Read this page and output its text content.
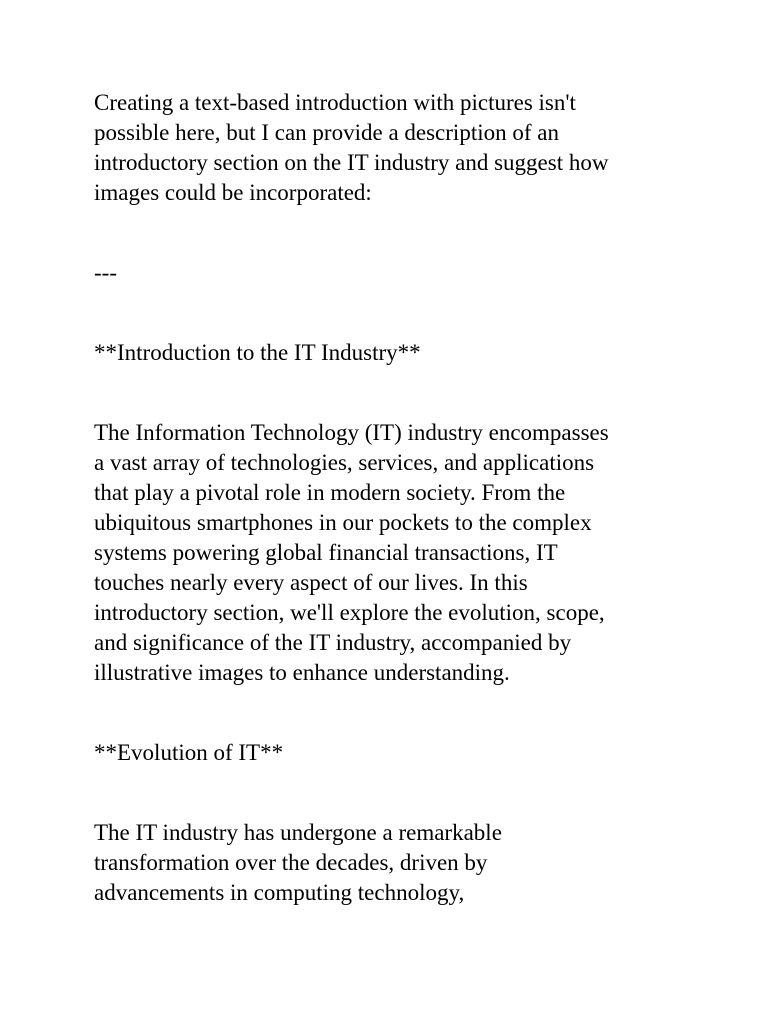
Creating a text-based introduction with pictures isn't

possible here, but I can provide a description of an

introductory section on the IT industry and suggest how

images could be incorporated:

---

**Introduction to the IT Industry**

The Information Technology (IT) industry encompasses

a vast array of technologies, services, and applications

that play a pivotal role in modern society. From the

ubiquitous smartphones in our pockets to the complex

systems powering global financial transactions, IT

touches nearly every aspect of our lives. In this

introductory section, we'll explore the evolution, scope,

and significance of the IT industry, accompanied by

illustrative images to enhance understanding.

**Evolution of IT**

The IT industry has undergone a remarkable

transformation over the decades, driven by

advancements in computing technology,
